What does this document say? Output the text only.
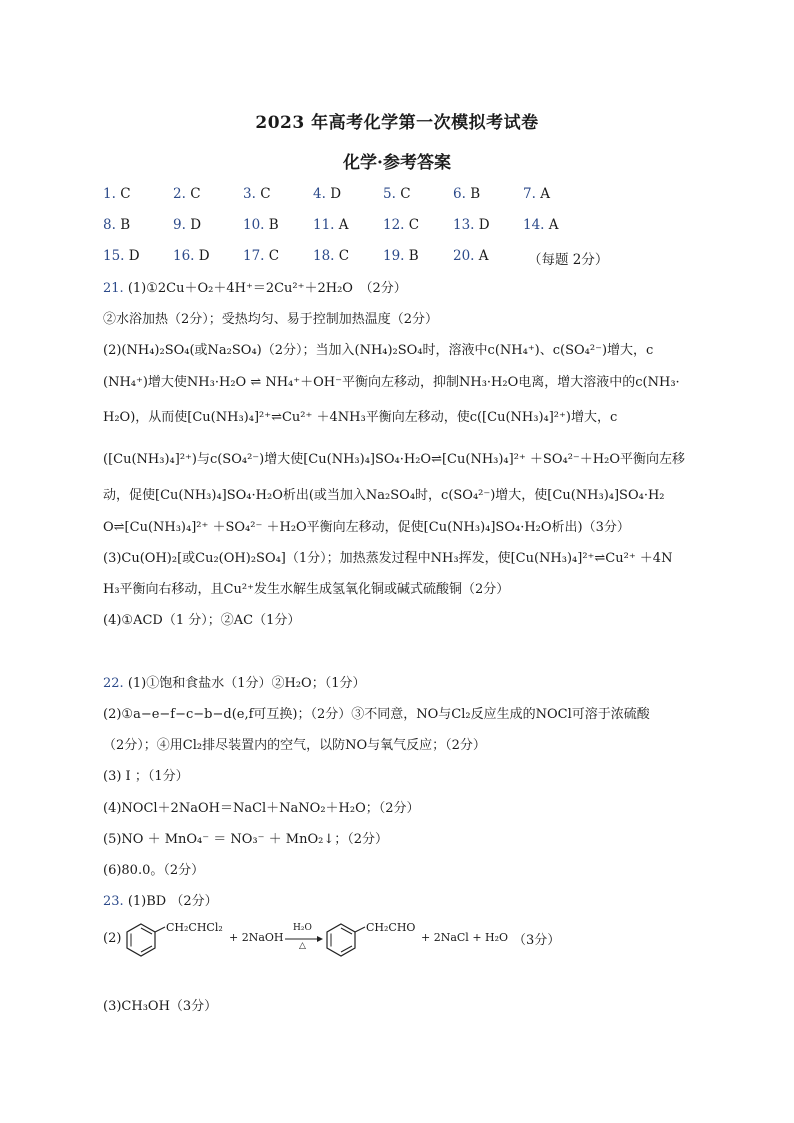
2023 年高考化学第一次模拟考试卷
化学·参考答案
1. C	2. C	3. C	4. D	5. C	6. B	7. A
8. B	9. D	10. B	11. A	12. C	13. D 14. A
15. D 16. D 17. C	18. C	19. B	20. A	（每题 2分）
21. (1)①2Cu＋O₂＋4H⁺＝2Cu²⁺＋2H₂O　（2分）
②水浴加热（2分）；受热均匀、易于控制加热温度（2分）
(2)(NH₄)₂SO₄(或Na₂SO₄)（2分）；当加入(NH₄)₂SO₄时，溶液中c(NH₄⁺)、c(SO₄²⁻)增大，c
(NH₄⁺)增大使NH₃·H₂O ⇌ NH₄⁺＋OH⁻平衡向左移动，抑制NH₃·H₂O电离，增大溶液中的c(NH₃·
H₂O)，从而使[Cu(NH₃)₄]²⁺⇌Cu²⁺ ＋4NH₃平衡向左移动，使c([Cu(NH₃)₄]²⁺)增大，c
([Cu(NH₃)₄]²⁺)与c(SO₄²⁻)增大使[Cu(NH₃)₄]SO₄·H₂O⇌[Cu(NH₃)₄]²⁺ ＋SO₄²⁻＋H₂O平衡向左移
动，促使[Cu(NH₃)₄]SO₄·H₂O析出(或当加入Na₂SO₄时，c(SO₄²⁻)增大，使[Cu(NH₃)₄]SO₄·H₂
O⇌[Cu(NH₃)₄]²⁺ ＋SO₄²⁻ ＋H₂O平衡向左移动，促使[Cu(NH₃)₄]SO₄·H₂O析出)（3分）
(3)Cu(OH)₂[或Cu₂(OH)₂SO₄]（1分）；加热蒸发过程中NH₃挥发，使[Cu(NH₃)₄]²⁺⇌Cu²⁺ ＋4N
H₃平衡向右移动，且Cu²⁺发生水解生成氢氧化铜或碱式硫酸铜（2分）
(4)①ACD（1 分）；②AC（1分）
22. (1)①饱和食盐水（1分）②H₂O；（1分）
(2)①a−e−f−c−b−d(e,f可互换)；（2分）③不同意，NO与Cl₂反应生成的NOCl可溶于浓硫酸
（2分）；④用Cl₂排尽装置内的空气，以防NO与氧气反应；（2分）
(3) I ；（1分）
(4)NOCl＋2NaOH＝NaCl＋NaNO₂＋H₂O；（2分）
(5)NO ＋ MnO₄⁻ ＝ NO₃⁻ ＋ MnO₂↓；（2分）
(6)80.0。（2分）
23. (1)BD （2分）
(2)
CH₂CHCl₂
+ 2NaOH
H₂O
△
CH₂CHO
+ 2NaCl + H₂O （3分）
(3)CH₃OH（3分）
